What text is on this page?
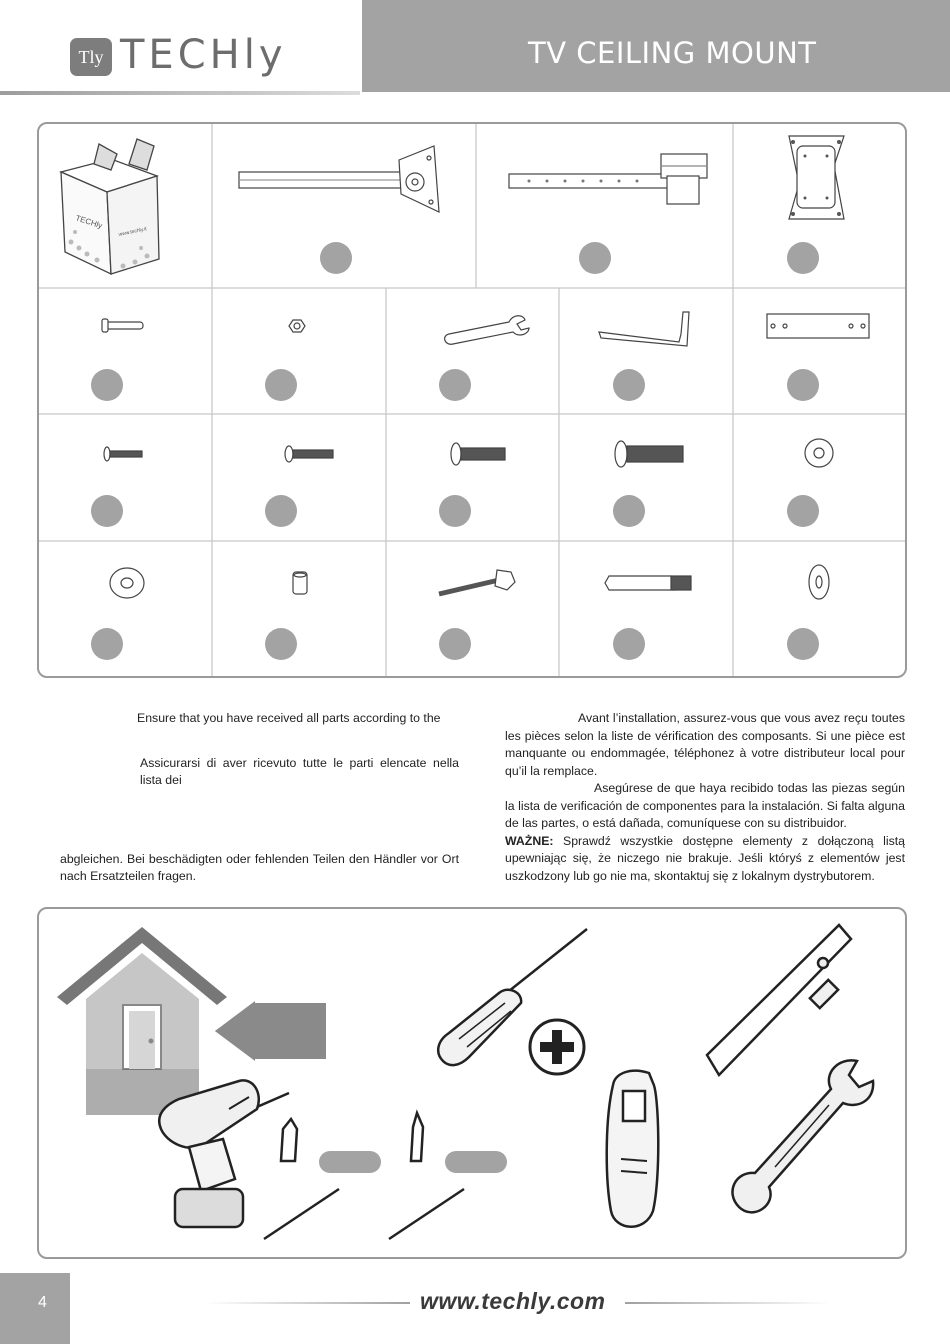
Tly TECHly	TV CEILING MOUNT
TECHly
www.techly.it

Ensure that you have received all parts according to the

Assicurarsi di aver ricevuto tutte le parti elencate nella lista dei

abgleichen. Bei beschädigten oder fehlenden Teilen den Händler vor Ort nach Ersatzteilen fragen.

Avant l’installation, assurez-vous que vous avez reçu toutes les pièces selon la liste de vérification des composants. Si une pièce est manquante ou endommagée, téléphonez à votre distributeur local pour qu’il la remplace.

Asegúrese de que haya recibido todas las piezas según la lista de verificación de componentes para la instalación. Si falta alguna de las partes, o está dañada, comuníquese con su distribuidor.

WAŻNE: Sprawdź wszystkie dostępne elementy z dołączoną listą upewniając się, że niczego nie brakuje. Jeśli któryś z elementów jest uszkodzony lub go nie ma, skontaktuj się z lokalnym dystrybutorem.

4	www.techly.com
